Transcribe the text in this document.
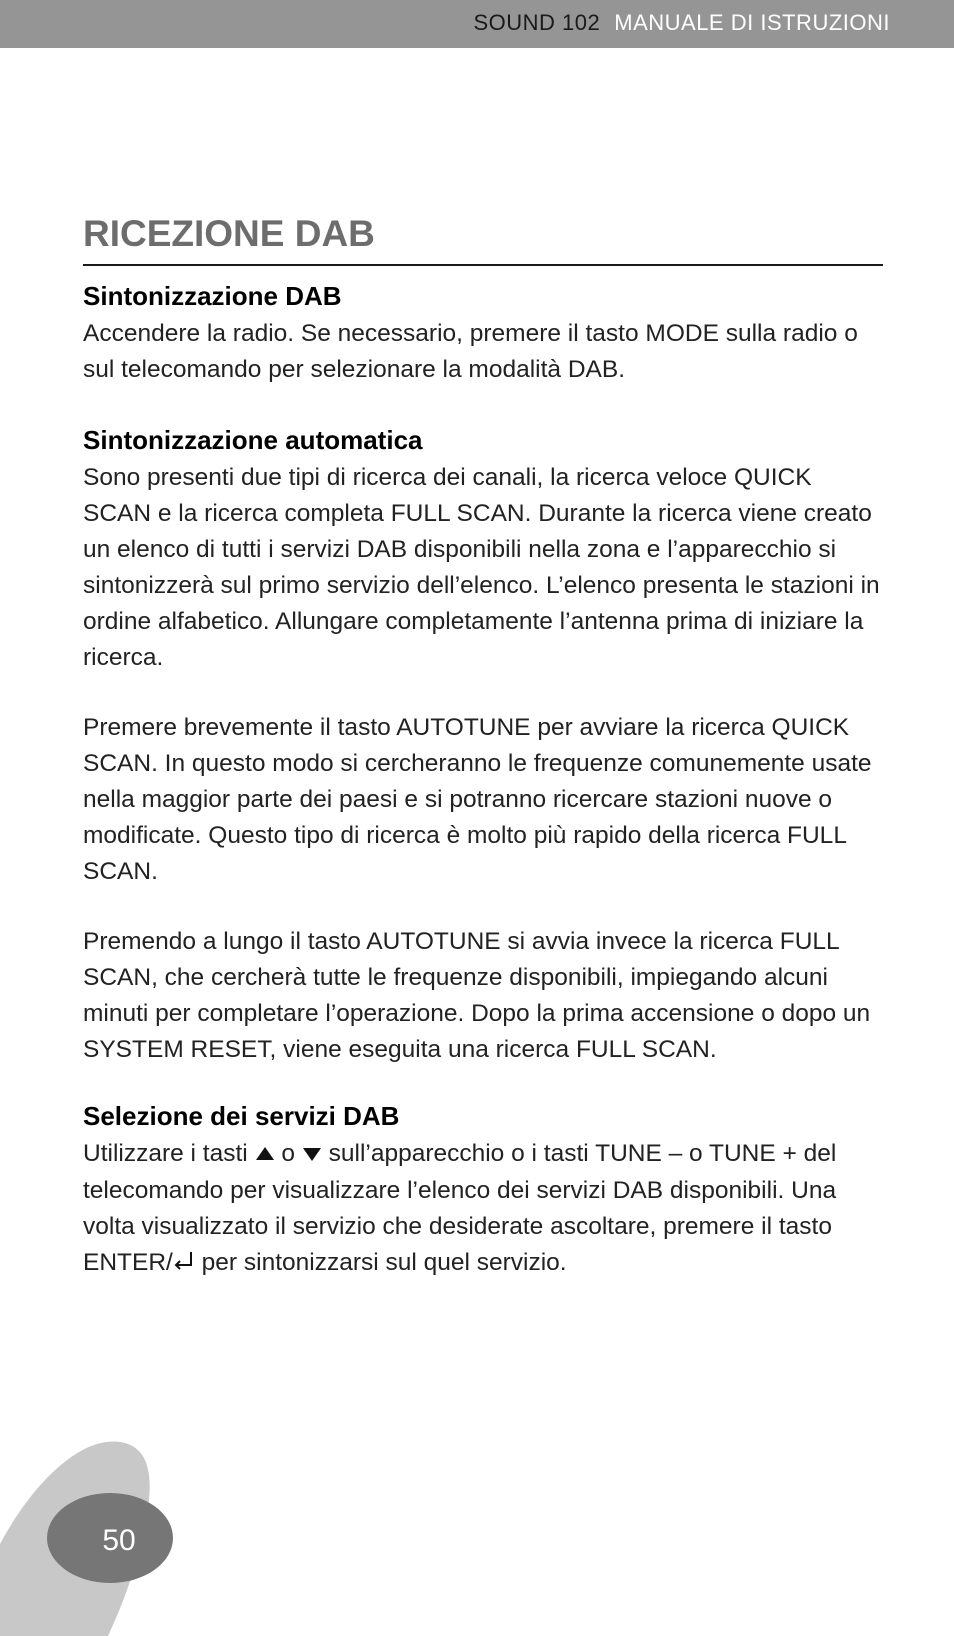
SOUND 102 MANUALE DI ISTRUZIONI
RICEZIONE DAB
Sintonizzazione DAB

Accendere la radio. Se necessario, premere il tasto MODE sulla radio o sul telecomando per selezionare la modalità DAB.

Sintonizzazione automatica

Sono presenti due tipi di ricerca dei canali, la ricerca veloce QUICK SCAN e la ricerca completa FULL SCAN. Durante la ricerca viene creato un elenco di tutti i servizi DAB disponibili nella zona e l’apparecchio si sintonizzerà sul primo servizio dell’elenco. L’elenco presenta le stazioni in ordine alfabetico. Allungare completamente l’antenna prima di iniziare la ricerca.

Premere brevemente il tasto AUTOTUNE per avviare la ricerca QUICK SCAN. In questo modo si cercheranno le frequenze comunemente usate nella maggior parte dei paesi e si potranno ricercare stazioni nuove o modificate. Questo tipo di ricerca è molto più rapido della ricerca FULL SCAN.

Premendo a lungo il tasto AUTOTUNE si avvia invece la ricerca FULL SCAN, che cercherà tutte le frequenze disponibili, impiegando alcuni minuti per completare l’operazione. Dopo la prima accensione o dopo un SYSTEM RESET, viene eseguita una ricerca FULL SCAN.

Selezione dei servizi DAB

Utilizzare i tasti o sull’apparecchio o i tasti TUNE – o TUNE + del telecomando per visualizzare l’elenco dei servizi DAB disponibili. Una volta visualizzato il servizio che desiderate ascoltare, premere il tasto ENTER/ per sintonizzarsi sul quel servizio.

50
